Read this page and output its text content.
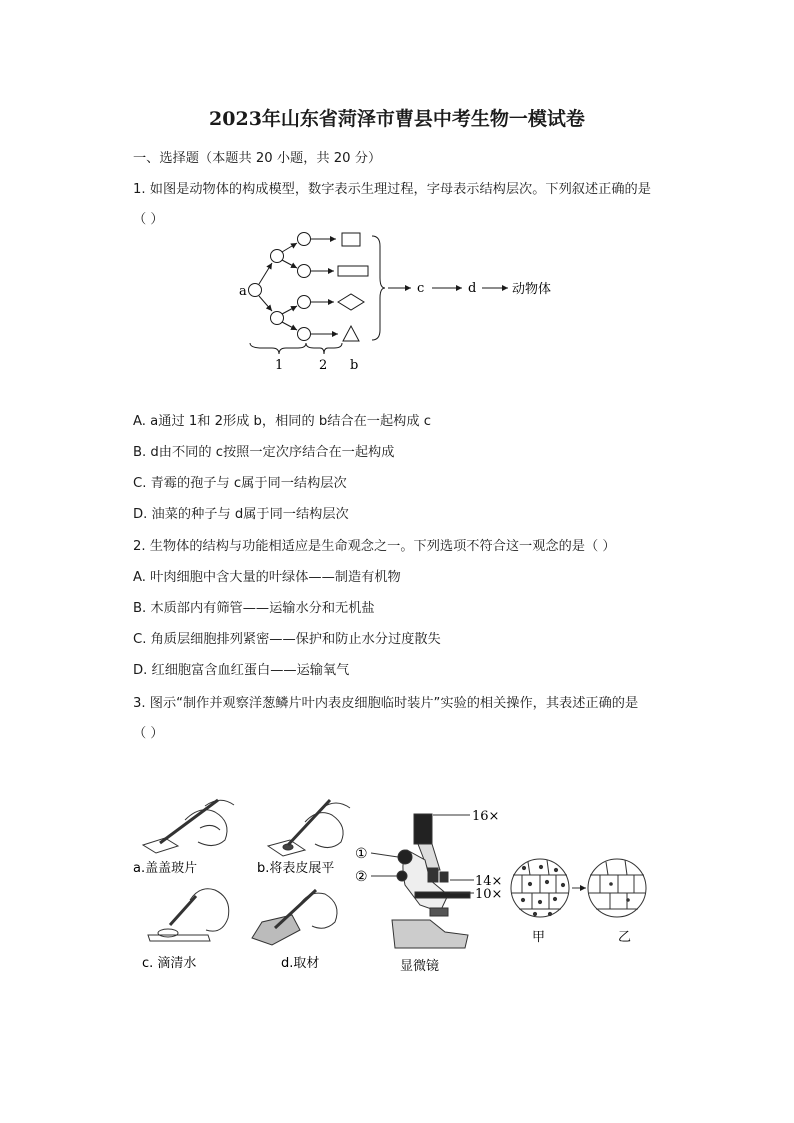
2023年山东省菏泽市曹县中考生物一模试卷
一、选择题（本题共 20 小题，共 20 分）
1. 如图是动物体的构成模型，数字表示生理过程，字母表示结构层次。下列叙述正确的是
（ ）
a	c	d	动物体
1	2 b
A. a通过 1和 2形成 b，相同的 b结合在一起构成 c
B. d由不同的 c按照一定次序结合在一起构成
C. 青霉的孢子与 c属于同一结构层次
D. 油菜的种子与 d属于同一结构层次
2. 生物体的结构与功能相适应是生命观念之一。下列选项不符合这一观念的是（ ）
A. 叶肉细胞中含大量的叶绿体——制造有机物
B. 木质部内有筛管——运输水分和无机盐
C. 角质层细胞排列紧密——保护和防止水分过度散失
D. 红细胞富含血红蛋白——运输氧气
3. 图示“制作并观察洋葱鳞片叶内表皮细胞临时装片”实验的相关操作，其表述正确的是
（ ）
a.盖盖玻片	b.将表皮展平
c. 滴清水	d.取材	显微镜
16×
14×
10×
①
②
甲	乙
